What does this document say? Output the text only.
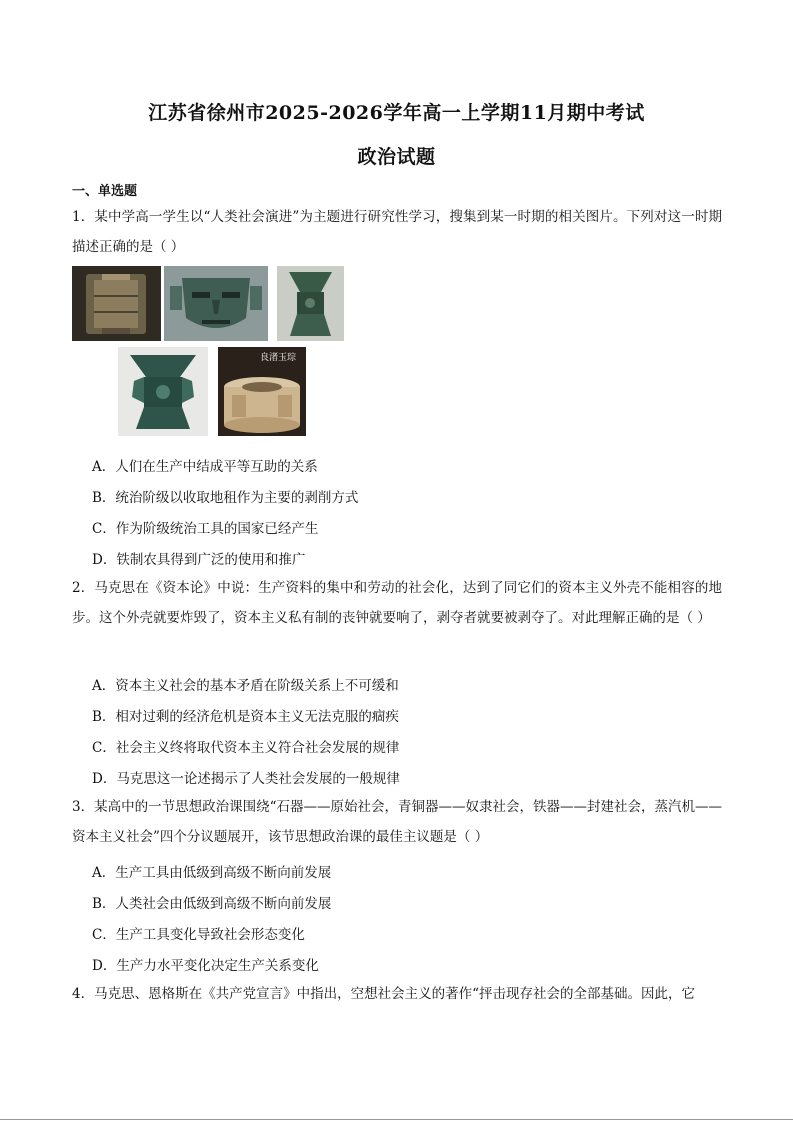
江苏省徐州市2025-2026学年高一上学期11月期中考试
政治试题
一、单选题
1．某中学高一学生以“人类社会演进”为主题进行研究性学习，搜集到某一时期的相关图片。下列对这一时期描述正确的是（ ）
良渚玉琮
A．人们在生产中结成平等互助的关系
B．统治阶级以收取地租作为主要的剥削方式
C．作为阶级统治工具的国家已经产生
D．铁制农具得到广泛的使用和推广
2．马克思在《资本论》中说：生产资料的集中和劳动的社会化，达到了同它们的资本主义外壳不能相容的地步。这个外壳就要炸毁了，资本主义私有制的丧钟就要响了，剥夺者就要被剥夺了。对此理解正确的是（ ）
A．资本主义社会的基本矛盾在阶级关系上不可缓和
B．相对过剩的经济危机是资本主义无法克服的痼疾
C．社会主义终将取代资本主义符合社会发展的规律
D．马克思这一论述揭示了人类社会发展的一般规律
3．某高中的一节思想政治课围绕“石器——原始社会，青铜器——奴隶社会，铁器——封建社会，蒸汽机——资本主义社会”四个分议题展开，该节思想政治课的最佳主议题是（ ）
A．生产工具由低级到高级不断向前发展
B．人类社会由低级到高级不断向前发展
C．生产工具变化导致社会形态变化
D．生产力水平变化决定生产关系变化
4．马克思、恩格斯在《共产党宣言》中指出，空想社会主义的著作“抨击现存社会的全部基础。因此，它
